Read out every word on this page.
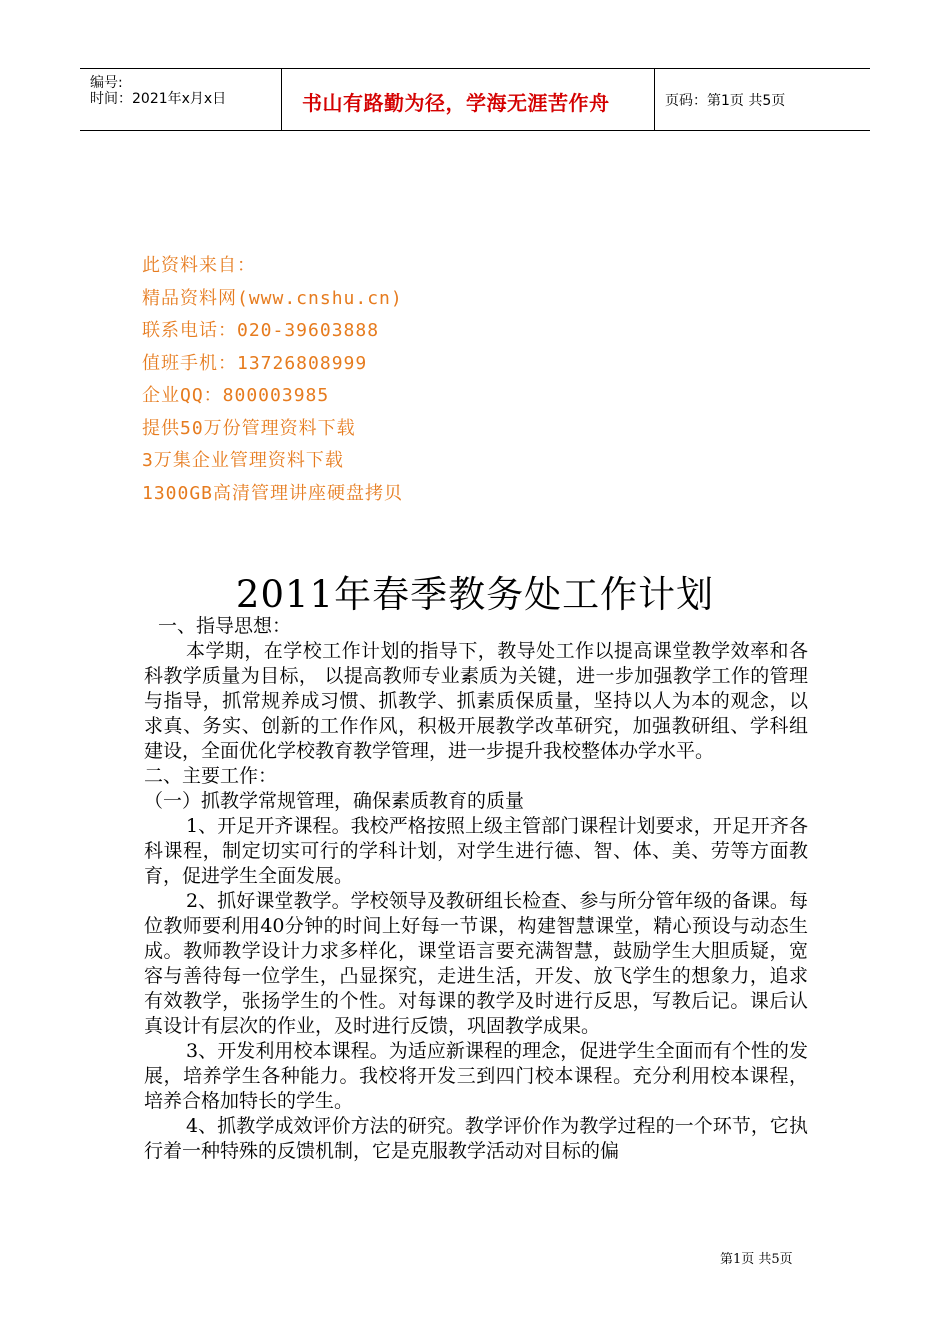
编号:
时间：2021年x月x日	书山有路勤为径，学海无涯苦作舟	页码：第1页 共5页
此资料来自：
精品资料网(www.cnshu.cn)
联系电话：020-39603888
值班手机：13726808999
企业QQ：800003985
提供50万份管理资料下载
3万集企业管理资料下载
1300GB高清管理讲座硬盘拷贝
2011年春季教务处工作计划

一、指导思想：

本学期，在学校工作计划的指导下，教导处工作以提高课堂教学效率和各科教学质量为目标， 以提高教师专业素质为关键，进一步加强教学工作的管理与指导，抓常规养成习惯、抓教学、抓素质保质量，坚持以人为本的观念，以求真、务实、创新的工作作风，积极开展教学改革研究，加强教研组、学科组建设，全面优化学校教育教学管理，进一步提升我校整体办学水平。

二、主要工作：

（一）抓教学常规管理，确保素质教育的质量

1、开足开齐课程。我校严格按照上级主管部门课程计划要求，开足开齐各科课程，制定切实可行的学科计划，对学生进行德、智、体、美、劳等方面教育，促进学生全面发展。

2、抓好课堂教学。学校领导及教研组长检查、参与所分管年级的备课。每位教师要利用40分钟的时间上好每一节课，构建智慧课堂，精心预设与动态生成。教师教学设计力求多样化，课堂语言要充满智慧，鼓励学生大胆质疑，宽容与善待每一位学生，凸显探究，走进生活，开发、放飞学生的想象力，追求有效教学，张扬学生的个性。对每课的教学及时进行反思，写教后记。课后认真设计有层次的作业，及时进行反馈，巩固教学成果。

3、开发利用校本课程。为适应新课程的理念，促进学生全面而有个性的发展，培养学生各种能力。我校将开发三到四门校本课程。充分利用校本课程，培养合格加特长的学生。

4、抓教学成效评价方法的研究。教学评价作为教学过程的一个环节，它执行着一种特殊的反馈机制，它是克服教学活动对目标的偏

第1页 共5页
